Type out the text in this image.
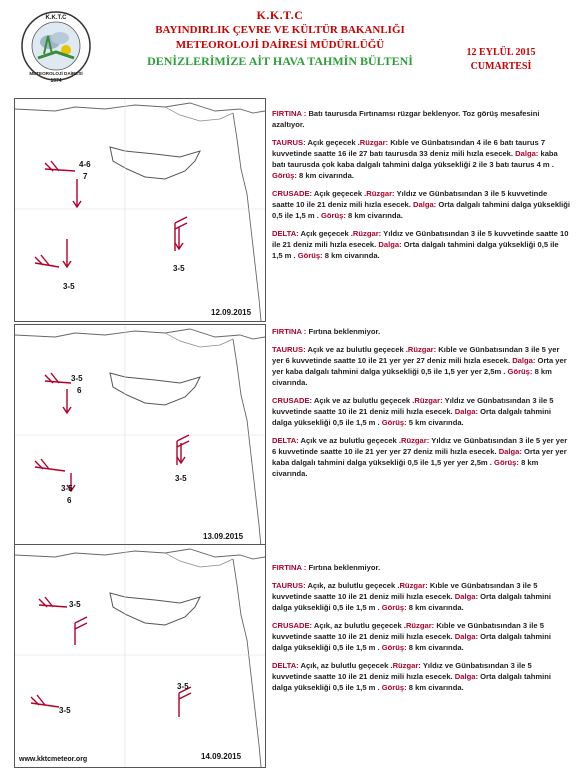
K.K.T.C
METEOROLOJİ DAİRESİ
1974
K.K.T.C
BAYINDIRLIK ÇEVRE VE KÜLTÜR BAKANLIĞI
METEOROLOJİ DAİRESİ MÜDÜRLÜĞÜ
DENİZLERİMİZE AİT HAVA TAHMİN BÜLTENİ
12 EYLÜL 2015
CUMARTESİ
4-6
7
3-5
3-5
12.09.2015

FIRTINA : Batı taurusda Fırtınamsı rüzgar beklenyor. Toz görüş mesafesini azaltıyor.

TAURUS: Açık geçecek .Rüzgar: Kıble ve Günbatısından 4 ile 6 batı taurus 7 kuvvetinde saatte 16 ile 27 batı taurusda 33 deniz mili hızla esecek. Dalga: kaba batı taurusda çok kaba dalgalı tahmini dalga yüksekliği 2 ile 3 batı taurus 4 m . Görüş: 8 km civarında.

CRUSADE: Açık geçecek .Rüzgar: Yıldız ve Günbatısından 3 ile 5 kuvvetinde saatte 10 ile 21 deniz mili hızla esecek. Dalga: Orta dalgalı tahmini dalga yüksekliği 0,5 ile 1,5 m . Görüş: 8 km civarında.

DELTA: Açık geçecek .Rüzgar: Yıldız ve Günbatısından 3 ile 5 kuvvetinde saatte 10 ile 21 deniz mili hızla esecek. Dalga: Orta dalgalı tahmini dalga yüksekliği 0,5 ile 1,5 m . Görüş: 8 km civarında.

3-5
6
3-5
3-5
6
13.09.2015

FIRTINA : Fırtına beklenmiyor.

TAURUS: Açık ve az bulutlu geçecek .Rüzgar: Kıble ve Günbatısından 3 ile 5 yer yer 6 kuvvetinde saatte 10 ile 21 yer yer 27 deniz mili hızla esecek. Dalga: Orta yer yer kaba dalgalı tahmini dalga yüksekliği 0,5 ile 1,5 yer yer 2,5m . Görüş: 8 km civarında.

CRUSADE: Açık ve az bulutlu geçecek .Rüzgar: Yıldız ve Günbatısından 3 ile 5 kuvvetinde saatte 10 ile 21 deniz mili hızla esecek. Dalga: Orta dalgalı tahmini dalga yüksekliği 0,5 ile 1,5 m . Görüş: 5 km civarında.

DELTA: Açık ve az bulutlu geçecek .Rüzgar: Yıldız ve Günbatısından 3 ile 5 yer yer 6 kuvvetinde saatte 10 ile 21 yer yer 27 deniz mili hızla esecek. Dalga: Orta yer yer kaba dalgalı tahmini dalga yüksekliği 0,5 ile 1,5 yer yer 2,5m . Görüş: 8 km civarında.

3-5
3-5
3-5
www.kktcmeteor.org	14.09.2015

FIRTINA : Fırtına beklenmiyor.

TAURUS: Açık, az bulutlu geçecek .Rüzgar: Kıble ve Günbatısından 3 ile 5 kuvvetinde saatte 10 ile 21 deniz mili hızla esecek. Dalga: Orta dalgalı tahmini dalga yüksekliği 0,5 ile 1,5 m . Görüş: 8 km civarında.

CRUSADE: Açık, az bulutlu geçecek .Rüzgar: Kıble ve Günbatısından 3 ile 5 kuvvetinde saatte 10 ile 21 deniz mili hızla esecek. Dalga: Orta dalgalı tahmini dalga yüksekliği 0,5 ile 1,5 m . Görüş: 8 km civarında.

DELTA: Açık, az bulutlu geçecek .Rüzgar: Yıldız ve Günbatısından 3 ile 5 kuvvetinde saatte 10 ile 21 deniz mili hızla esecek. Dalga: Orta dalgalı tahmini dalga yüksekliği 0,5 ile 1,5 m . Görüş: 8 km civarında.
